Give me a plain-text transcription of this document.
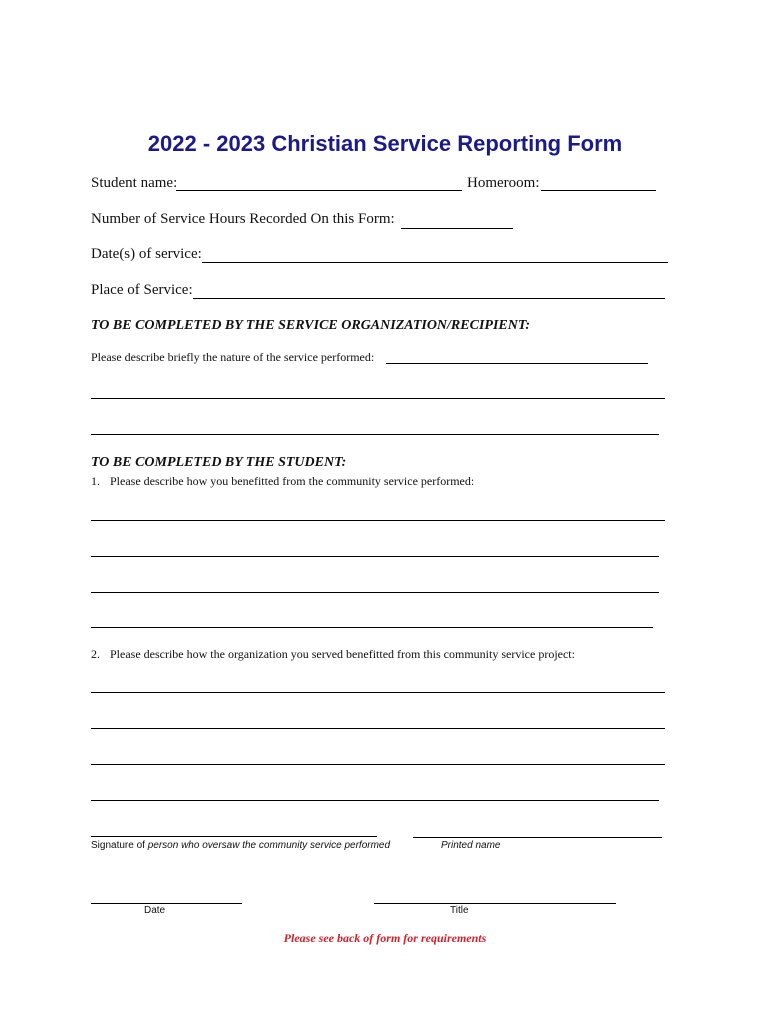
2022 - 2023 Christian Service Reporting Form
Student name:	Homeroom:
Number of Service Hours Recorded On this Form:
Date(s) of service:
Place of Service:
TO BE COMPLETED BY THE SERVICE ORGANIZATION/RECIPIENT:
Please describe briefly the nature of the service performed:
TO BE COMPLETED BY THE STUDENT:
1. Please describe how you benefitted from the community service performed:
2. Please describe how the organization you served benefitted from this community service project:
Signature of person who oversaw the community service performed	Printed name
Date	Title
Please see back of form for requirements
